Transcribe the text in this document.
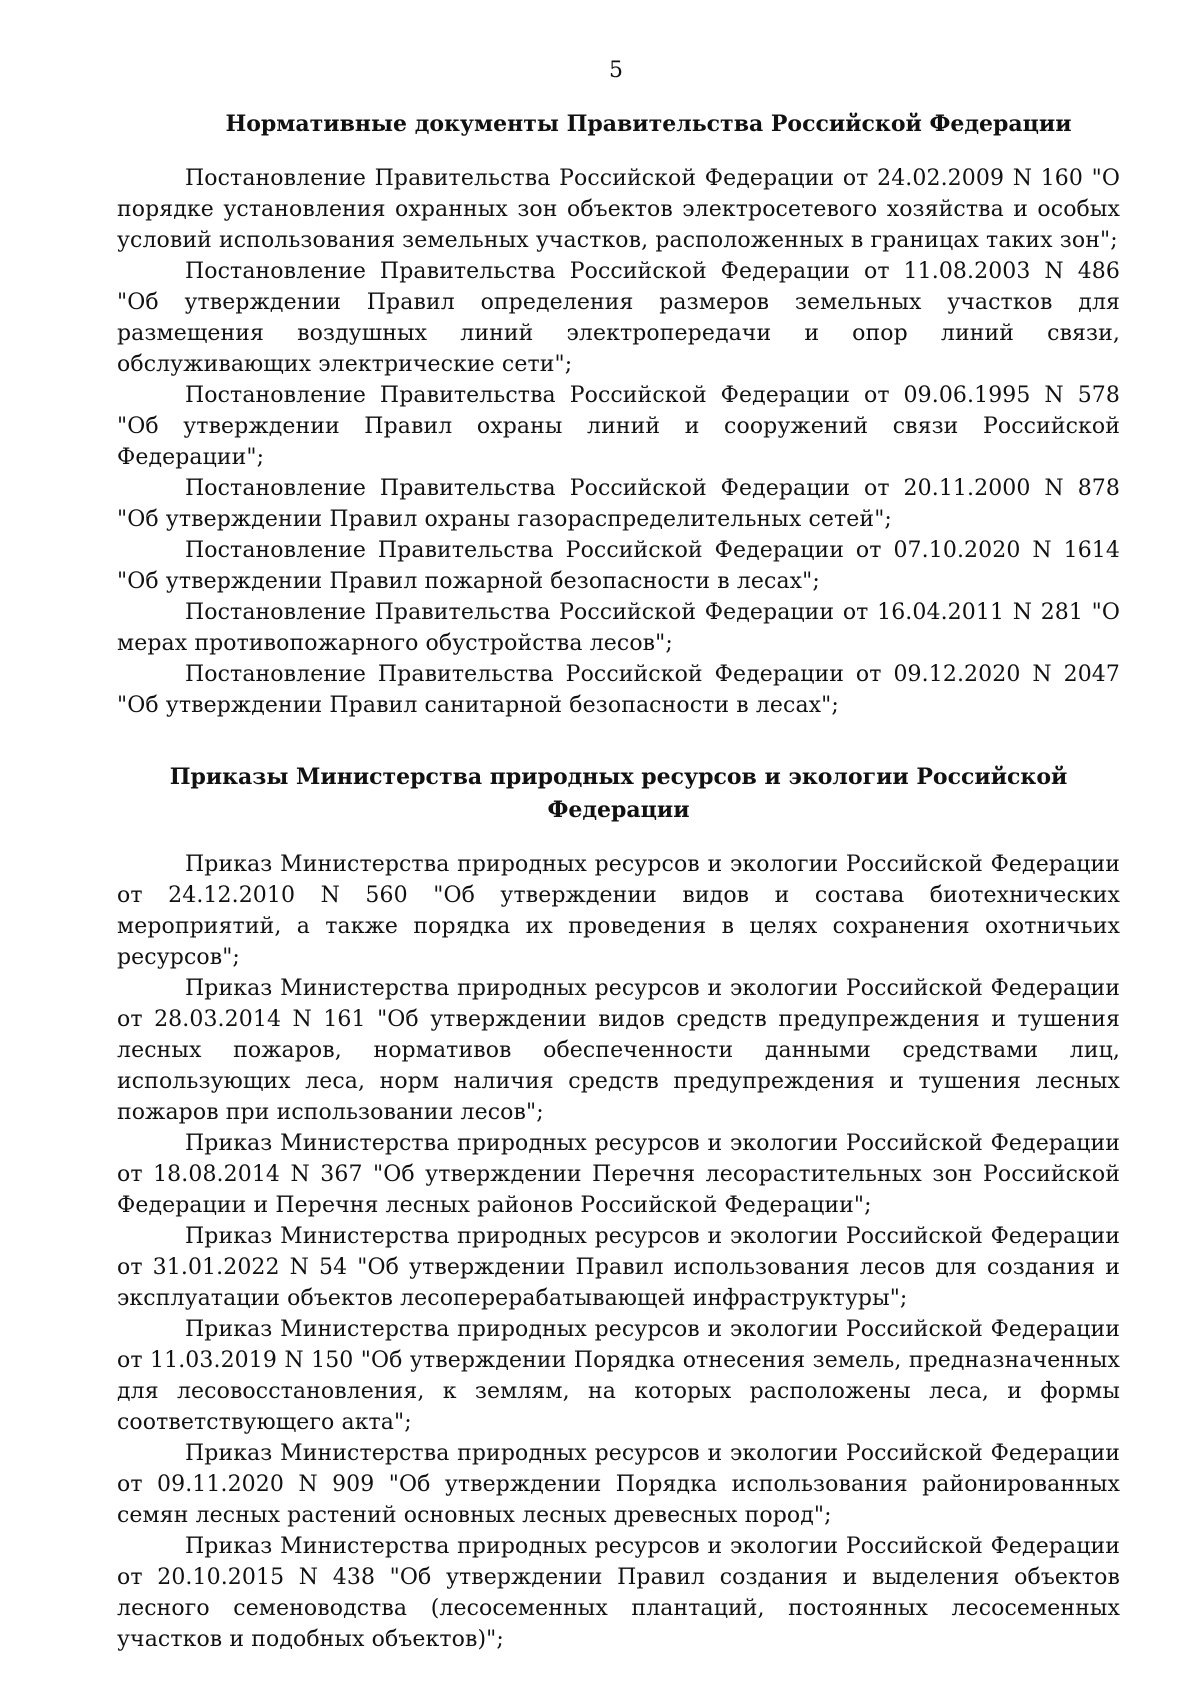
5
Нормативные документы Правительства Российской Федерации

Постановление Правительства Российской Федерации от 24.02.2009 N 160 "О порядке установления охранных зон объектов электросетевого хозяйства и особых условий использования земельных участков, расположенных в границах таких зон";

Постановление Правительства Российской Федерации от 11.08.2003 N 486 "Об утверждении Правил определения размеров земельных участков для размещения воздушных линий электропередачи и опор линий связи, обслуживающих электрические сети";

Постановление Правительства Российской Федерации от 09.06.1995 N 578 "Об утверждении Правил охраны линий и сооружений связи Российской Федерации";

Постановление Правительства Российской Федерации от 20.11.2000 N 878 "Об утверждении Правил охраны газораспределительных сетей";

Постановление Правительства Российской Федерации от 07.10.2020 N 1614 "Об утверждении Правил пожарной безопасности в лесах";

Постановление Правительства Российской Федерации от 16.04.2011 N 281 "О мерах противопожарного обустройства лесов";

Постановление Правительства Российской Федерации от 09.12.2020 N 2047 "Об утверждении Правил санитарной безопасности в лесах";

Приказы Министерства природных ресурсов и экологии Российской
Федерации

Приказ Министерства природных ресурсов и экологии Российской Федерации от 24.12.2010 N 560 "Об утверждении видов и состава биотехнических мероприятий, а также порядка их проведения в целях сохранения охотничьих ресурсов";

Приказ Министерства природных ресурсов и экологии Российской Федерации от 28.03.2014 N 161 "Об утверждении видов средств предупреждения и тушения лесных пожаров, нормативов обеспеченности данными средствами лиц, использующих леса, норм наличия средств предупреждения и тушения лесных пожаров при использовании лесов";

Приказ Министерства природных ресурсов и экологии Российской Федерации от 18.08.2014 N 367 "Об утверждении Перечня лесорастительных зон Российской Федерации и Перечня лесных районов Российской Федерации";

Приказ Министерства природных ресурсов и экологии Российской Федерации от 31.01.2022 N 54 "Об утверждении Правил использования лесов для создания и эксплуатации объектов лесоперерабатывающей инфраструктуры";

Приказ Министерства природных ресурсов и экологии Российской Федерации от 11.03.2019 N 150 "Об утверждении Порядка отнесения земель, предназначенных для лесовосстановления, к землям, на которых расположены леса, и формы соответствующего акта";

Приказ Министерства природных ресурсов и экологии Российской Федерации от 09.11.2020 N 909 "Об утверждении Порядка использования районированных семян лесных растений основных лесных древесных пород";

Приказ Министерства природных ресурсов и экологии Российской Федерации от 20.10.2015 N 438 "Об утверждении Правил создания и выделения объектов лесного семеноводства (лесосеменных плантаций, постоянных лесосеменных участков и подобных объектов)";
